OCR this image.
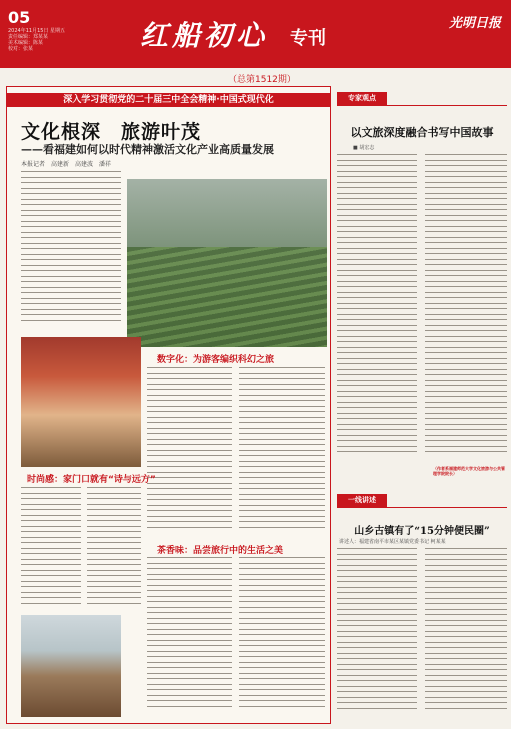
05
2024年11月15日 星期五
责任编辑：郑某某
美术编辑：陈某
校对：张某	红船初心 专刊
光明日报
（总第1512期）
深入学习贯彻党的二十届三中全会精神·中国式现代化
文化根深　旅游叶茂
——看福建如何以时代精神激活文化产业高质量发展
本报记者　高建新　高建波　潘祥
数字化：为游客编织科幻之旅
时尚感：家门口就有“诗与远方”
茶香味：品尝旅行中的生活之美
专家观点
以文旅深度融合书写中国故事
■ 胡宏志
（作者系福建师范大学文化旅游与公共管理学院院长）
一线讲述
山乡古镇有了“15分钟便民圈”
讲述人：福建省南平市某区某镇党委书记 柯某某
